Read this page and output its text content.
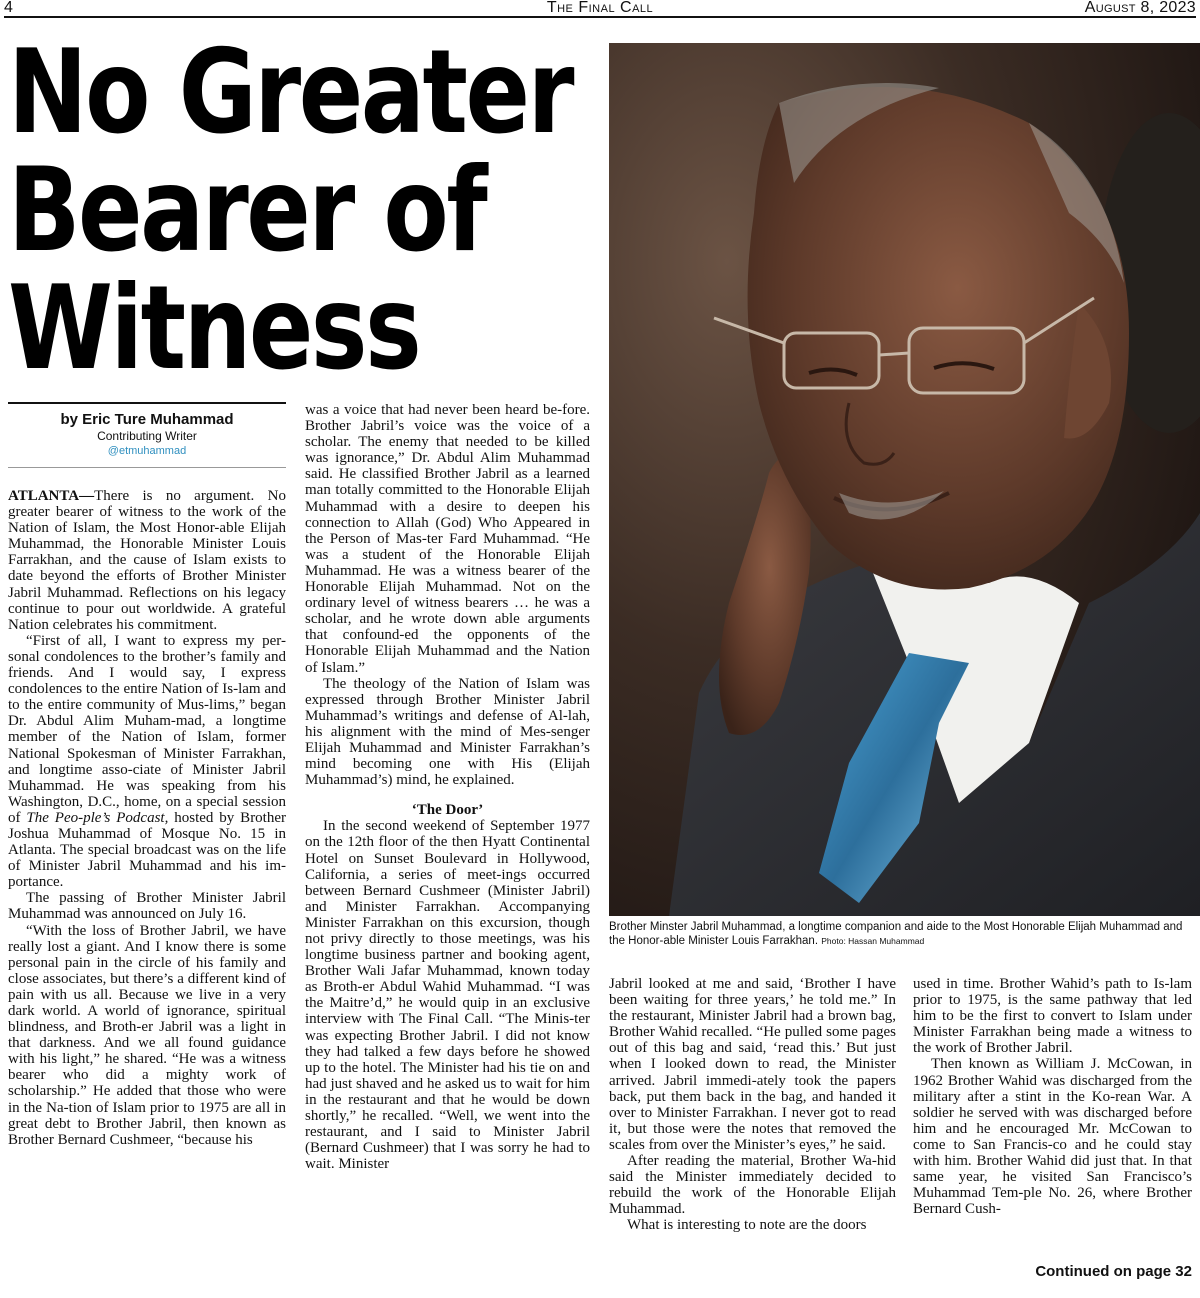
4	The Final Call	August 8, 2023
No Greater
Bearer of
Witness
by Eric Ture Muhammad
Contributing Writer
@etmuhammad

ATLANTA—There is no argument. No greater bearer of witness to the work of the Nation of Islam, the Most Honor-able Elijah Muhammad, the Honorable Minister Louis Farrakhan, and the cause of Islam exists to date beyond the efforts of Brother Minister Jabril Muhammad. Reflections on his legacy continue to pour out worldwide. A grateful Nation celebrates his commitment.

“First of all, I want to express my per-sonal condolences to the brother’s family and friends. And I would say, I express condolences to the entire Nation of Is-lam and to the entire community of Mus-lims,” began Dr. Abdul Alim Muham-mad, a longtime member of the Nation of Islam, former National Spokesman of Minister Farrakhan, and longtime asso-ciate of Minister Jabril Muhammad. He was speaking from his Washington, D.C., home, on a special session of The Peo-ple’s Podcast, hosted by Brother Joshua Muhammad of Mosque No. 15 in Atlanta. The special broadcast was on the life of Minister Jabril Muhammad and his im-portance.

The passing of Brother Minister Jabril Muhammad was announced on July 16.

“With the loss of Brother Jabril, we have really lost a giant. And I know there is some personal pain in the circle of his family and close associates, but there’s a different kind of pain with us all. Because we live in a very dark world. A world of ignorance, spiritual blindness, and Broth-er Jabril was a light in that darkness. And we all found guidance with his light,” he shared. “He was a witness bearer who did a mighty work of scholarship.” He added that those who were in the Na-tion of Islam prior to 1975 are all in great debt to Brother Jabril, then known as Brother Bernard Cushmeer, “because his

was a voice that had never been heard be-fore. Brother Jabril’s voice was the voice of a scholar. The enemy that needed to be killed was ignorance,” Dr. Abdul Alim Muhammad said. He classified Brother Jabril as a learned man totally committed to the Honorable Elijah Muhammad with a desire to deepen his connection to Allah (God) Who Appeared in the Person of Mas-ter Fard Muhammad. “He was a student of the Honorable Elijah Muhammad. He was a witness bearer of the Honorable Elijah Muhammad. Not on the ordinary level of witness bearers … he was a scholar, and he wrote down able arguments that confound-ed the opponents of the Honorable Elijah Muhammad and the Nation of Islam.”

The theology of the Nation of Islam was expressed through Brother Minister Jabril Muhammad’s writings and defense of Al-lah, his alignment with the mind of Mes-senger Elijah Muhammad and Minister Farrakhan’s mind becoming one with His (Elijah Muhammad’s) mind, he explained.

‘The Door’

In the second weekend of September 1977 on the 12th floor of the then Hyatt Continental Hotel on Sunset Boulevard in Hollywood, California, a series of meet-ings occurred between Bernard Cushmeer (Minister Jabril) and Minister Farrakhan. Accompanying Minister Farrakhan on this excursion, though not privy directly to those meetings, was his longtime business partner and booking agent, Brother Wali Jafar Muhammad, known today as Broth-er Abdul Wahid Muhammad. “I was the Maitre’d,” he would quip in an exclusive interview with The Final Call. “The Minis-ter was expecting Brother Jabril. I did not know they had talked a few days before he showed up to the hotel. The Minister had his tie on and had just shaved and he asked us to wait for him in the restaurant and that he would be down shortly,” he recalled. “Well, we went into the restaurant, and I said to Minister Jabril (Bernard Cushmeer) that I was sorry he had to wait. Minister

Brother Minster Jabril Muhammad, a longtime companion and aide to the Most Honorable Elijah Muhammad and the Honor-able Minister Louis Farrakhan. Photo: Hassan Muhammad

Jabril looked at me and said, ‘Brother I have been waiting for three years,’ he told me.” In the restaurant, Minister Jabril had a brown bag, Brother Wahid recalled. “He pulled some pages out of this bag and said, ‘read this.’ But just when I looked down to read, the Minister arrived. Jabril immedi-ately took the papers back, put them back in the bag, and handed it over to Minister Farrakhan. I never got to read it, but those were the notes that removed the scales from over the Minister’s eyes,” he said.

After reading the material, Brother Wa-hid said the Minister immediately decided to rebuild the work of the Honorable Elijah Muhammad.

What is interesting to note are the doors

used in time. Brother Wahid’s path to Is-lam prior to 1975, is the same pathway that led him to be the first to convert to Islam under Minister Farrakhan being made a witness to the work of Brother Jabril.

Then known as William J. McCowan, in 1962 Brother Wahid was discharged from the military after a stint in the Ko-rean War. A soldier he served with was discharged before him and he encouraged Mr. McCowan to come to San Francis-co and he could stay with him. Brother Wahid did just that. In that same year, he visited San Francisco’s Muhammad Tem-ple No. 26, where Brother Bernard Cush-

Continued on page 32
